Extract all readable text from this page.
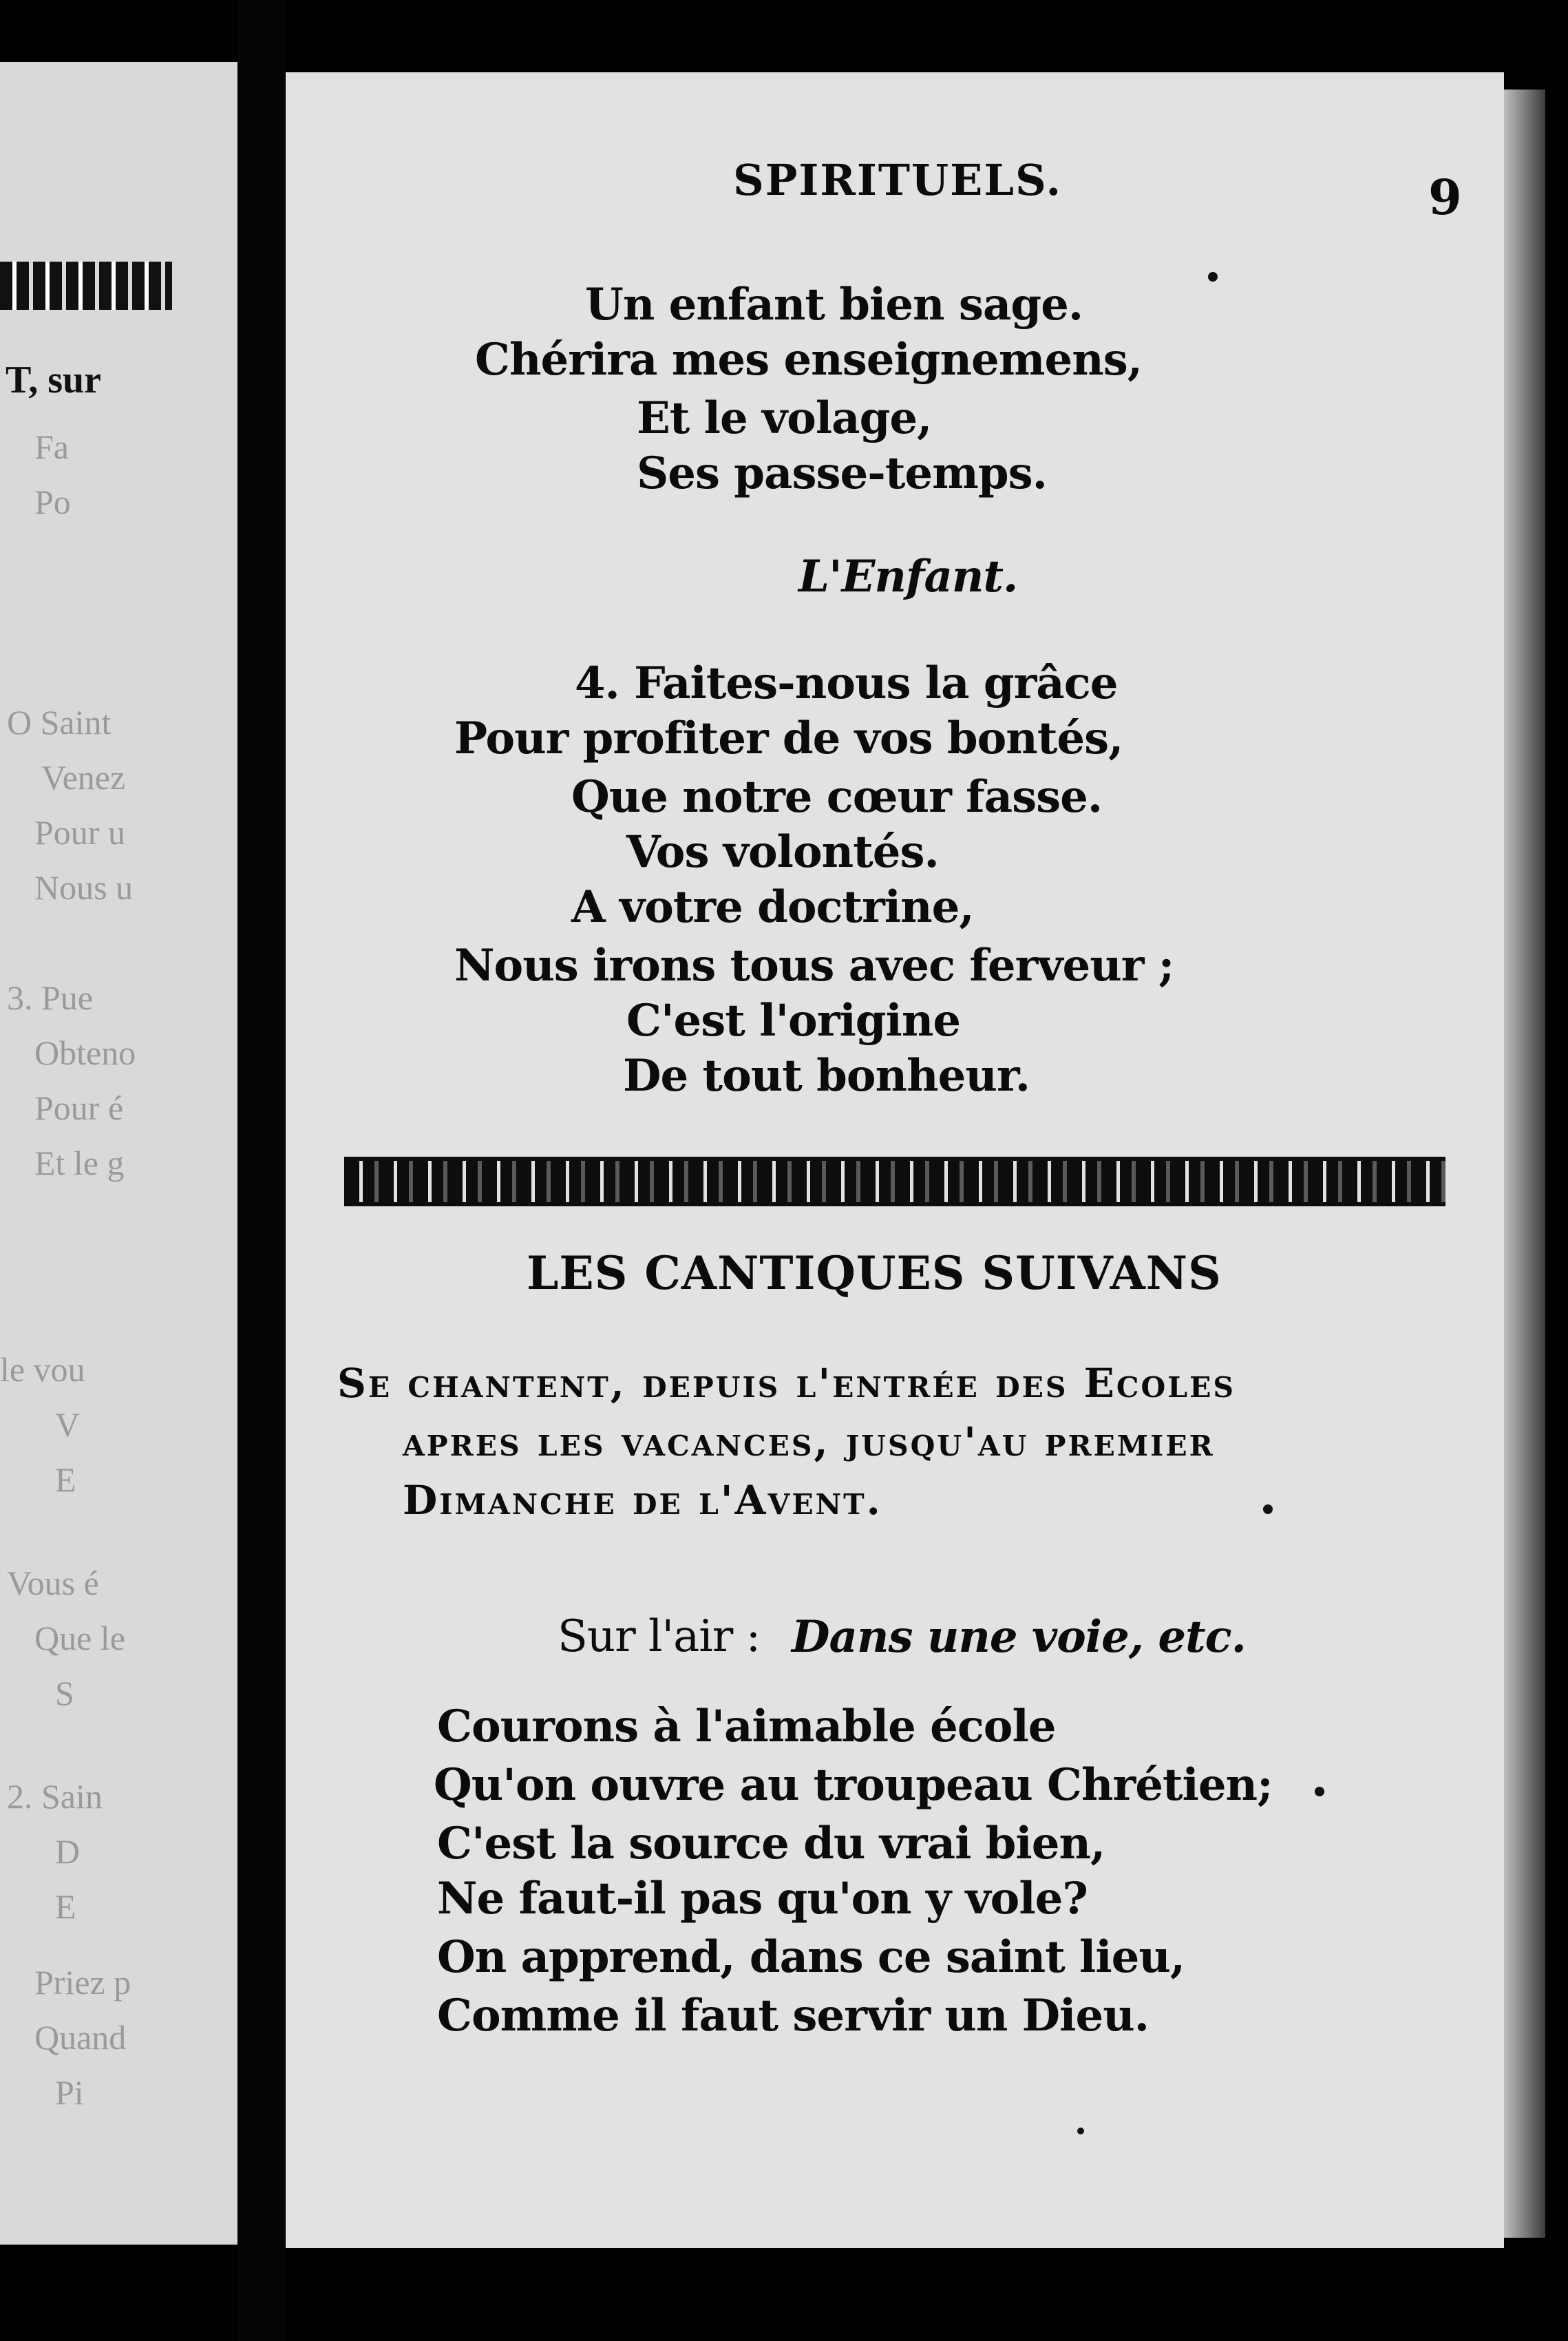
T, sur
Fa
Po
O Saint
Venez
Pour u
Nous u
3. Pue
Obteno
Pour é
Et le g
le vou
V
E
Vous é
Que le
S
2. Sain
D
E
Priez p
Quand
Pi
SPIRITUELS.	9
Un enfant bien sage.
Chérira mes enseignemens,
Et le volage,
Ses passe-temps.
L'Enfant.
4. Faites-nous la grâce
Pour profiter de vos bontés,
Que notre cœur fasse.
Vos volontés.
A votre doctrine,
Nous irons tous avec ferveur ;
C'est l'origine
De tout bonheur.
LES CANTIQUES SUIVANS
Se chantent, depuis l'entrée des Ecoles
apres les vacances, jusqu'au premier
Dimanche de l'Avent.
Sur l'air : Dans une voie, etc.
Courons à l'aimable école
Qu'on ouvre au troupeau Chrétien;
C'est la source du vrai bien,
Ne faut-il pas qu'on y vole?
On apprend, dans ce saint lieu,
Comme il faut servir un Dieu.
